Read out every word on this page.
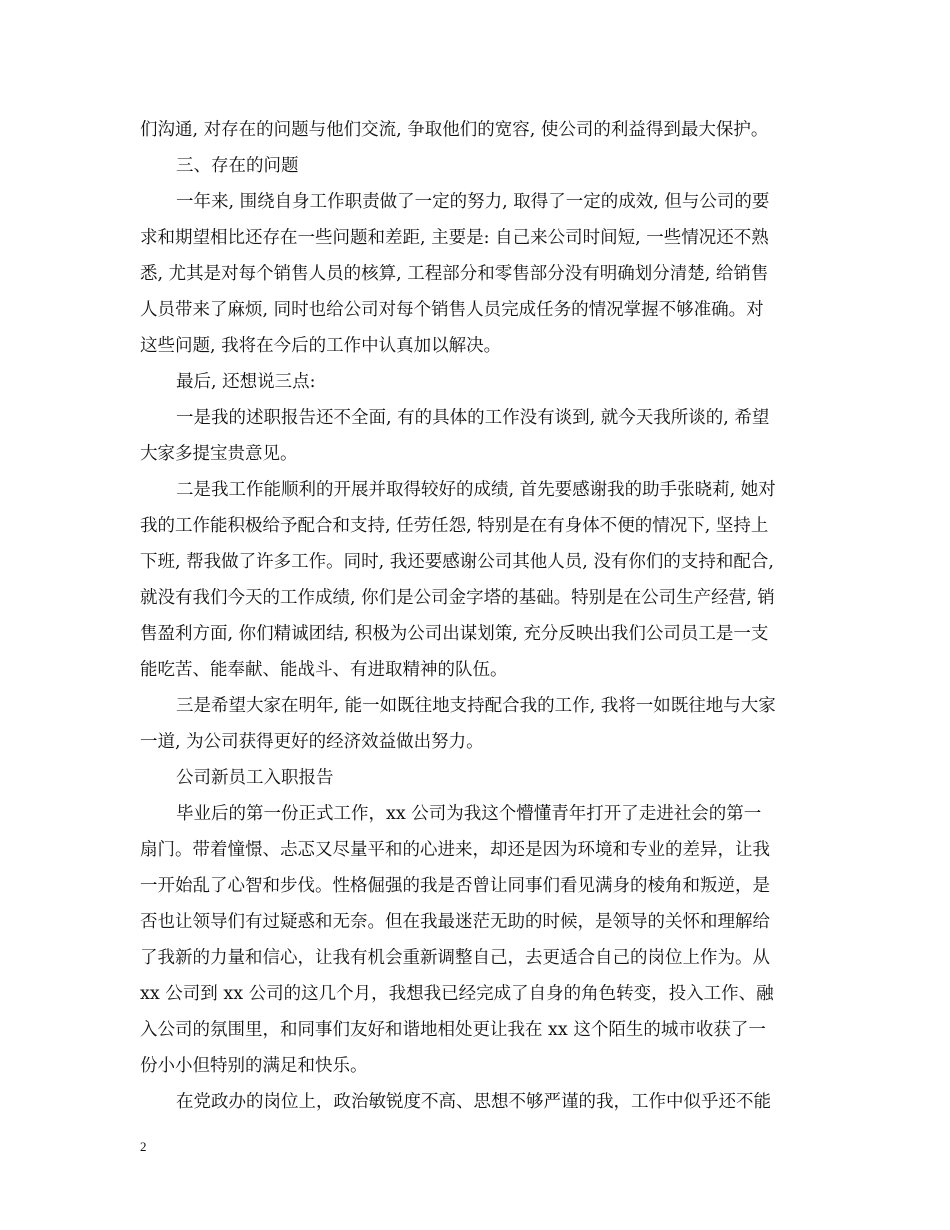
们沟通, 对存在的问题与他们交流, 争取他们的宽容, 使公司的利益得到最大保护。
三、存在的问题
一年来, 围绕自身工作职责做了一定的努力, 取得了一定的成效, 但与公司的要
求和期望相比还存在一些问题和差距, 主要是: 自己来公司时间短, 一些情况还不熟
悉, 尤其是对每个销售人员的核算, 工程部分和零售部分没有明确划分清楚, 给销售
人员带来了麻烦, 同时也给公司对每个销售人员完成任务的情况掌握不够准确。对
这些问题, 我将在今后的工作中认真加以解决。
最后, 还想说三点:
一是我的述职报告还不全面, 有的具体的工作没有谈到, 就今天我所谈的, 希望
大家多提宝贵意见。
二是我工作能顺利的开展并取得较好的成绩, 首先要感谢我的助手张晓莉, 她对
我的工作能积极给予配合和支持, 任劳任怨, 特别是在有身体不便的情况下, 坚持上
下班, 帮我做了许多工作。同时, 我还要感谢公司其他人员, 没有你们的支持和配合,
就没有我们今天的工作成绩, 你们是公司金字塔的基础。特别是在公司生产经营, 销
售盈利方面, 你们精诚团结, 积极为公司出谋划策, 充分反映出我们公司员工是一支
能吃苦、能奉献、能战斗、有进取精神的队伍。
三是希望大家在明年, 能一如既往地支持配合我的工作, 我将一如既往地与大家
一道, 为公司获得更好的经济效益做出努力。
公司新员工入职报告
毕业后的第一份正式工作，xx 公司为我这个懵懂青年打开了走进社会的第一
扇门。带着憧憬、忐忑又尽量平和的心进来，却还是因为环境和专业的差异，让我
一开始乱了心智和步伐。性格倔强的我是否曾让同事们看见满身的棱角和叛逆，是
否也让领导们有过疑惑和无奈。但在我最迷茫无助的时候，是领导的关怀和理解给
了我新的力量和信心，让我有机会重新调整自己，去更适合自己的岗位上作为。从
xx 公司到 xx 公司的这几个月，我想我已经完成了自身的角色转变，投入工作、融
入公司的氛围里，和同事们友好和谐地相处更让我在 xx 这个陌生的城市收获了一
份小小但特别的满足和快乐。
在党政办的岗位上，政治敏锐度不高、思想不够严谨的我，工作中似乎还不能
2
